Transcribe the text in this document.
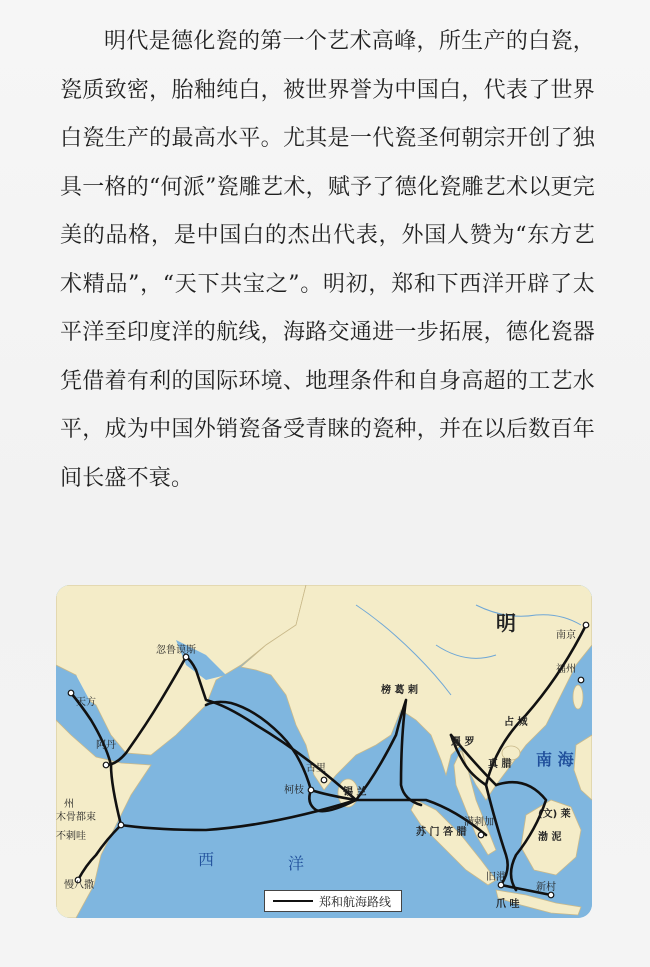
明代是德化瓷的第一个艺术高峰，所生产的白瓷，瓷质致密，胎釉纯白，被世界誉为中国白，代表了世界白瓷生产的最高水平。尤其是一代瓷圣何朝宗开创了独具一格的“何派”瓷雕艺术，赋予了德化瓷雕艺术以更完美的品格，是中国白的杰出代表，外国人赞为“东方艺术精品”，“天下共宝之”。明初，郑和下西洋开辟了太平洋至印度洋的航线，海路交通进一步拓展，德化瓷器凭借着有利的国际环境、地理条件和自身高超的工艺水平，成为中国外销瓷备受青睐的瓷种，并在以后数百年间长盛不衰。

明
南 海
西	洋
南京
福州
忽鲁谟斯
天方
阿丹
木骨都束
不剌哇
慢八撒
古里
柯枝	锡 兰
榜 葛 剌
暹 罗
占 城
真 腊
苏 门 答 腊
满剌加
旧港
爪 哇
新村
(文) 莱
州
渤 泥
郑和航海路线
